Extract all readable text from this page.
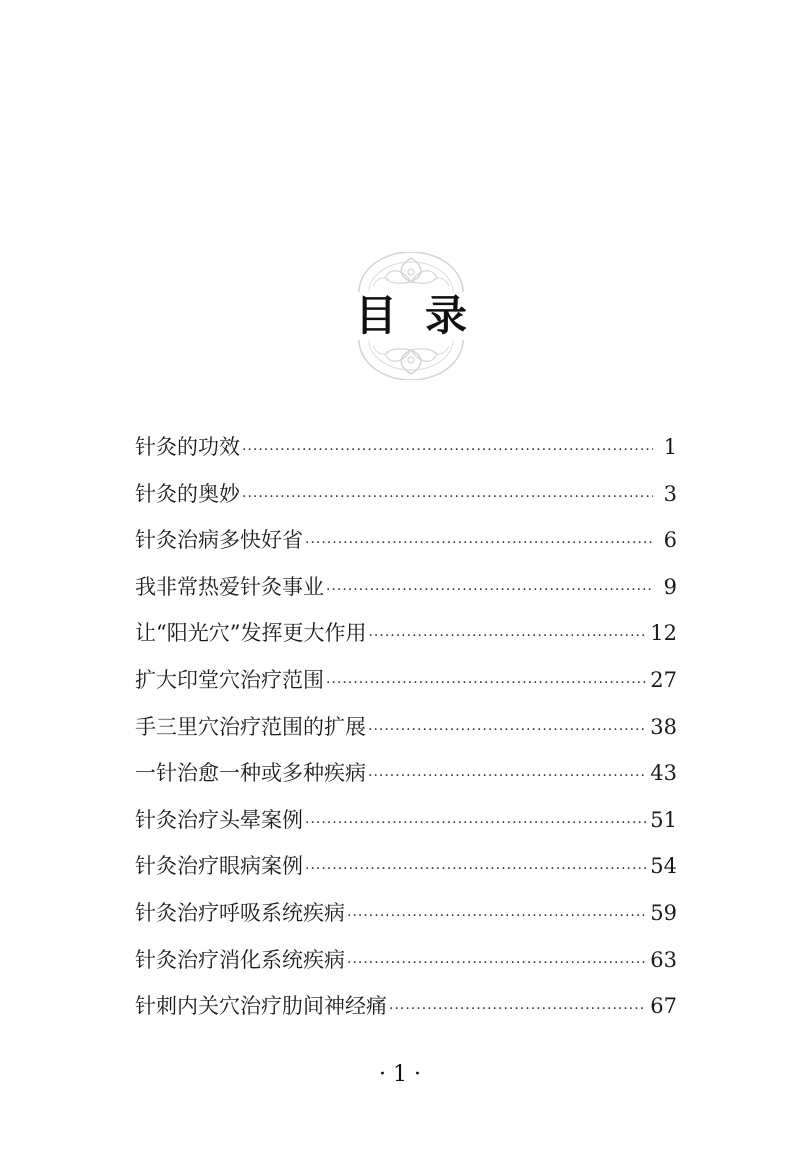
目 录
针灸的功效 ·····	1
针灸的奥妙 ·····	3
针灸治病多快好省 ·····	6
我非常热爱针灸事业 ·····	9
让“阳光穴”发挥更大作用 ·····	12
扩大印堂穴治疗范围 ·····	27
手三里穴治疗范围的扩展 ·····	38
一针治愈一种或多种疾病 ·····	43
针灸治疗头晕案例 ·····	51
针灸治疗眼病案例 ·····	54
针灸治疗呼吸系统疾病 ·····	59
针灸治疗消化系统疾病 ·····	63
针刺内关穴治疗肋间神经痛 ·····	67
· 1 ·
